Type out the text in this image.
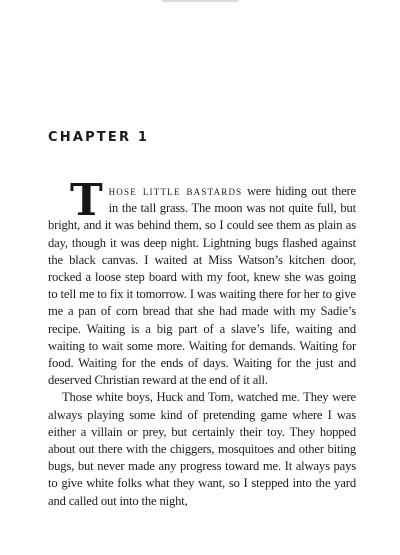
CHAPTER 1

Those little bastards were hiding out there in the tall grass. The moon was not quite full, but bright, and it was behind them, so I could see them as plain as day, though it was deep night. Lightning bugs flashed against the black canvas. I waited at Miss Watson’s kitchen door, rocked a loose step board with my foot, knew she was going to tell me to fix it tomorrow. I was waiting there for her to give me a pan of corn bread that she had made with my Sadie’s recipe. Waiting is a big part of a slave’s life, waiting and waiting to wait some more. Waiting for demands. Waiting for food. Waiting for the ends of days. Waiting for the just and deserved Christian reward at the end of it all.

Those white boys, Huck and Tom, watched me. They were always playing some kind of pretending game where I was either a villain or prey, but certainly their toy. They hopped about out there with the chiggers, mosquitoes and other biting bugs, but never made any progress toward me. It always pays to give white folks what they want, so I stepped into the yard and called out into the night,
